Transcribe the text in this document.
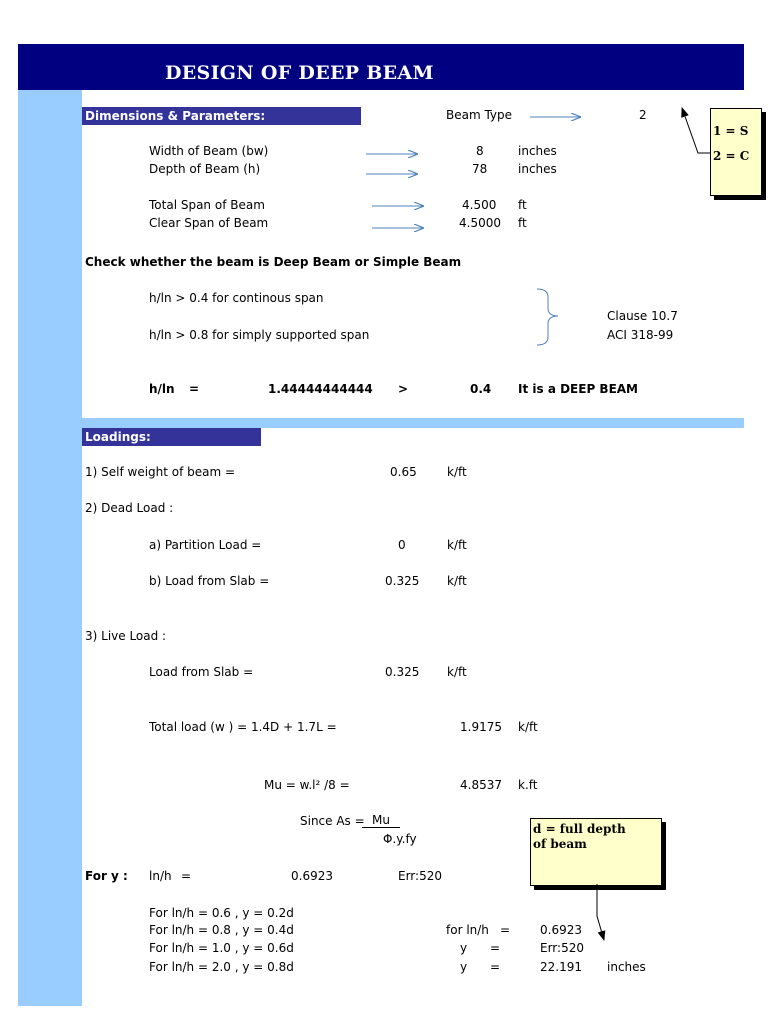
DESIGN OF DEEP BEAM
Dimensions & Parameters:	Beam Type	2
Width of Beam (bw)	8	inches
Depth of Beam (h)	78	inches
Total Span of Beam	4.500 ft
Clear Span of Beam	4.5000 ft
1 = S
2 = C
Check whether the beam is Deep Beam or Simple Beam
h/ln > 0.4 for continous span
h/ln > 0.8 for simply supported span
Clause 10.7
ACI 318-99
h/ln =	1.44444444444 >	0.4 It is a DEEP BEAM
Loadings:
1) Self weight of beam =	0.65	k/ft
2) Dead Load :
a) Partition Load =	0	k/ft
b) Load from Slab =	0.325 k/ft
3) Live Load :
Load from Slab =	0.325 k/ft
Total load (w ) = 1.4D + 1.7L =	1.9175 k/ft
Mu = w.l² /8 =	4.8537 k.ft
Since As = Mu
Φ.y.fy
d = full depth of beam
For y : ln/h =	0.6923	Err:520
For ln/h = 0.6 , y = 0.2d
For ln/h = 0.8 , y = 0.4d
For ln/h = 1.0 , y = 0.6d
For ln/h = 2.0 , y = 0.8d
for ln/h = 0.6923
y =	Err:520
y =	22.191 inches
